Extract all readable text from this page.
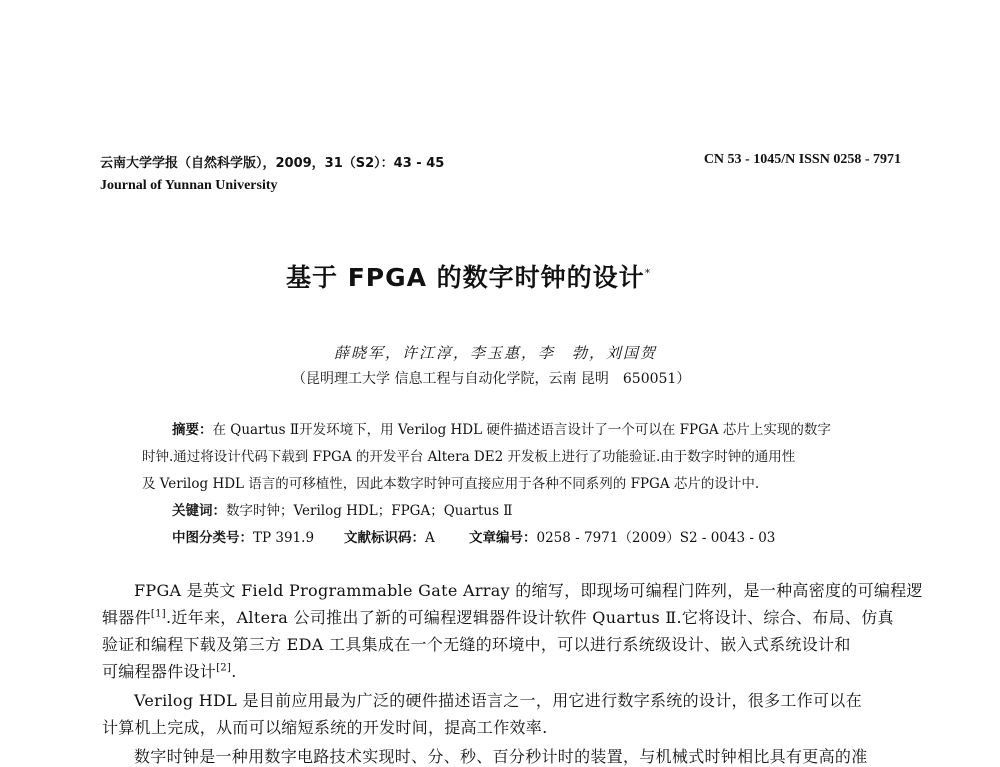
云南大学学报（自然科学版），2009，31（S2）：43 - 45	CN 53 - 1045/N ISSN 0258 - 7971
Journal of Yunnan University
基于 FPGA 的数字时钟的设计*
薛晓军，许江淳，李玉惠，李　勃，刘国贺
（昆明理工大学 信息工程与自动化学院，云南 昆明　650051）
摘要：在 Quartus Ⅱ开发环境下，用 Verilog HDL 硬件描述语言设计了一个可以在 FPGA 芯片上实现的数字
时钟.通过将设计代码下载到 FPGA 的开发平台 Altera DE2 开发板上进行了功能验证.由于数字时钟的通用性
及 Verilog HDL 语言的可移植性，因此本数字时钟可直接应用于各种不同系列的 FPGA 芯片的设计中.
关键词：数字时钟；Verilog HDL；FPGA；Quartus Ⅱ
中图分类号：TP 391.9 文献标识码：A	文章编号：0258 - 7971（2009）S2 - 0043 - 03
FPGA 是英文 Field Programmable Gate Array 的缩写，即现场可编程门阵列，是一种高密度的可编程逻
辑器件[1].近年来，Altera 公司推出了新的可编程逻辑器件设计软件 Quartus Ⅱ.它将设计、综合、布局、仿真
验证和编程下载及第三方 EDA 工具集成在一个无缝的环境中，可以进行系统级设计、嵌入式系统设计和
可编程器件设计[2].
Verilog HDL 是目前应用最为广泛的硬件描述语言之一，用它进行数字系统的设计，很多工作可以在
计算机上完成，从而可以缩短系统的开发时间，提高工作效率.
数字时钟是一种用数字电路技术实现时、分、秒、百分秒计时的装置，与机械式时钟相比具有更高的准
